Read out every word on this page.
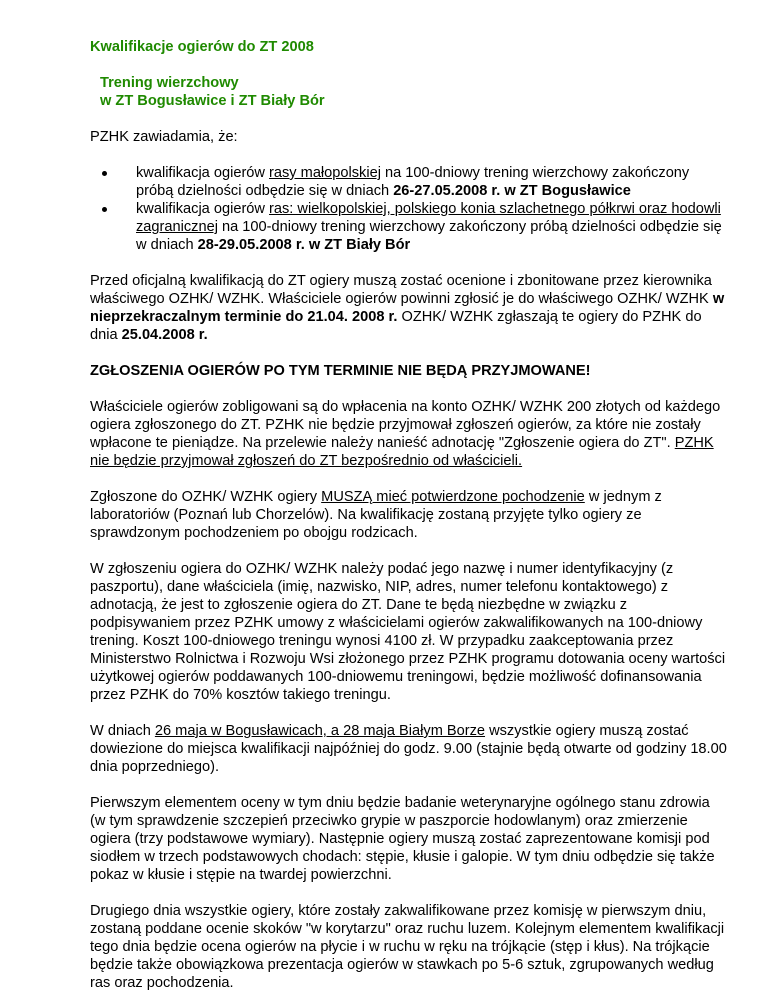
Kwalifikacje ogierów do ZT 2008
Trening wierzchowy
w ZT Bogusławice i ZT Biały Bór

PZHK zawiadamia, że:

kwalifikacja ogierów rasy małopolskiej na 100-dniowy trening wierzchowy zakończony próbą dzielności odbędzie się w dniach 26-27.05.2008 r. w ZT Bogusławice
kwalifikacja ogierów ras: wielkopolskiej, polskiego konia szlachetnego półkrwi oraz hodowli zagranicznej na 100-dniowy trening wierzchowy zakończony próbą dzielności odbędzie się w dniach 28-29.05.2008 r. w ZT Biały Bór

Przed oficjalną kwalifikacją do ZT ogiery muszą zostać ocenione i zbonitowane przez kierownika właściwego OZHK/ WZHK. Właściciele ogierów powinni zgłosić je do właściwego OZHK/ WZHK w nieprzekraczalnym terminie do 21.04. 2008 r. OZHK/ WZHK zgłaszają te ogiery do PZHK do dnia 25.04.2008 r.

ZGŁOSZENIA OGIERÓW PO TYM TERMINIE NIE BĘDĄ PRZYJMOWANE!

Właściciele ogierów zobligowani są do wpłacenia na konto OZHK/ WZHK 200 złotych od każdego ogiera zgłoszonego do ZT. PZHK nie będzie przyjmował zgłoszeń ogierów, za które nie zostały wpłacone te pieniądze. Na przelewie należy nanieść adnotację "Zgłoszenie ogiera do ZT". PZHK nie będzie przyjmował zgłoszeń do ZT bezpośrednio od właścicieli.

Zgłoszone do OZHK/ WZHK ogiery MUSZĄ mieć potwierdzone pochodzenie w jednym z laboratoriów (Poznań lub Chorzelów). Na kwalifikację zostaną przyjęte tylko ogiery ze sprawdzonym pochodzeniem po obojgu rodzicach.

W zgłoszeniu ogiera do OZHK/ WZHK należy podać jego nazwę i numer identyfikacyjny (z paszportu), dane właściciela (imię, nazwisko, NIP, adres, numer telefonu kontaktowego) z adnotacją, że jest to zgłoszenie ogiera do ZT. Dane te będą niezbędne w związku z podpisywaniem przez PZHK umowy z właścicielami ogierów zakwalifikowanych na 100-dniowy trening. Koszt 100-dniowego treningu wynosi 4100 zł. W przypadku zaakceptowania przez Ministerstwo Rolnictwa i Rozwoju Wsi złożonego przez PZHK programu dotowania oceny wartości użytkowej ogierów poddawanych 100-dniowemu treningowi, będzie możliwość dofinansowania przez PZHK do 70% kosztów takiego treningu.

W dniach 26 maja w Bogusławicach, a 28 maja Białym Borze wszystkie ogiery muszą zostać dowiezione do miejsca kwalifikacji najpóźniej do godz. 9.00 (stajnie będą otwarte od godziny 18.00 dnia poprzedniego).

Pierwszym elementem oceny w tym dniu będzie badanie weterynaryjne ogólnego stanu zdrowia (w tym sprawdzenie szczepień przeciwko grypie w paszporcie hodowlanym) oraz zmierzenie ogiera (trzy podstawowe wymiary). Następnie ogiery muszą zostać zaprezentowane komisji pod siodłem w trzech podstawowych chodach: stępie, kłusie i galopie. W tym dniu odbędzie się także pokaz w kłusie i stępie na twardej powierzchni.

Drugiego dnia wszystkie ogiery, które zostały zakwalifikowane przez komisję w pierwszym dniu, zostaną poddane ocenie skoków "w korytarzu" oraz ruchu luzem. Kolejnym elementem kwalifikacji tego dnia będzie ocena ogierów na płycie i w ruchu w ręku na trójkącie (stęp i kłus). Na trójkącie będzie także obowiązkowa prezentacja ogierów w stawkach po 5-6 sztuk, zgrupowanych według ras oraz pochodzenia.
